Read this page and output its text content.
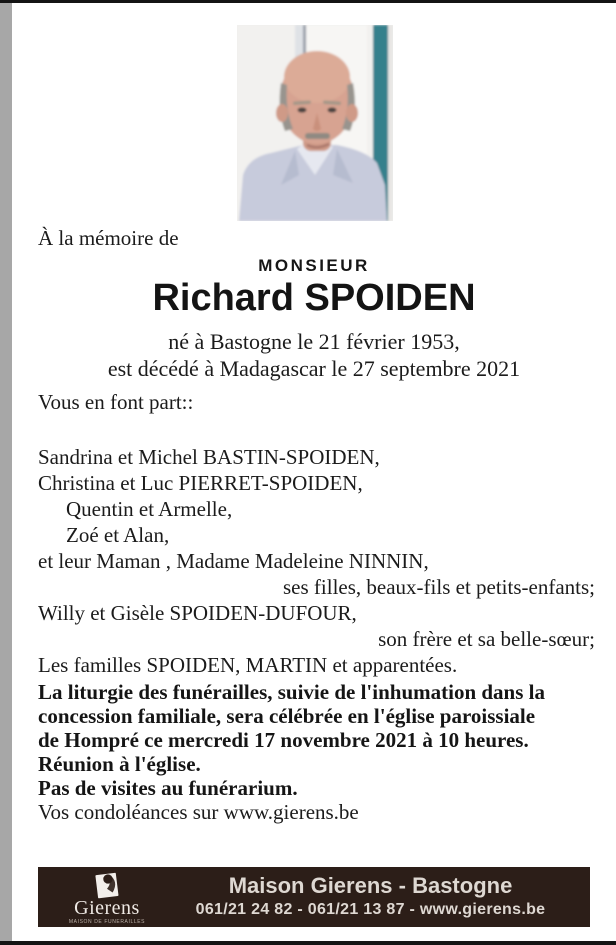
À la mémoire de
MONSIEUR
Richard SPOIDEN
né à Bastogne le 21 février 1953,
est décédé à Madagascar le 27 septembre 2021
Vous en font part::
Sandrina et Michel BASTIN-SPOIDEN,
Christina et Luc PIERRET-SPOIDEN,
Quentin et Armelle,
Zoé et Alan,
et leur Maman , Madame Madeleine NINNIN,
ses filles, beaux-fils et petits-enfants;
Willy et Gisèle SPOIDEN-DUFOUR,
son frère et sa belle-sœur;
Les familles SPOIDEN, MARTIN et apparentées.
La liturgie des funérailles, suivie de l'inhumation dans la
concession familiale, sera célébrée en l'église paroissiale
de Hompré ce mercredi 17 novembre 2021 à 10 heures.
Réunion à l'église.
Pas de visites au funérarium.
Vos condoléances sur www.gierens.be
Gierens
MAISON DE FUNERAILLES
Maison Gierens - Bastogne
061/21 24 82 - 061/21 13 87 - www.gierens.be
